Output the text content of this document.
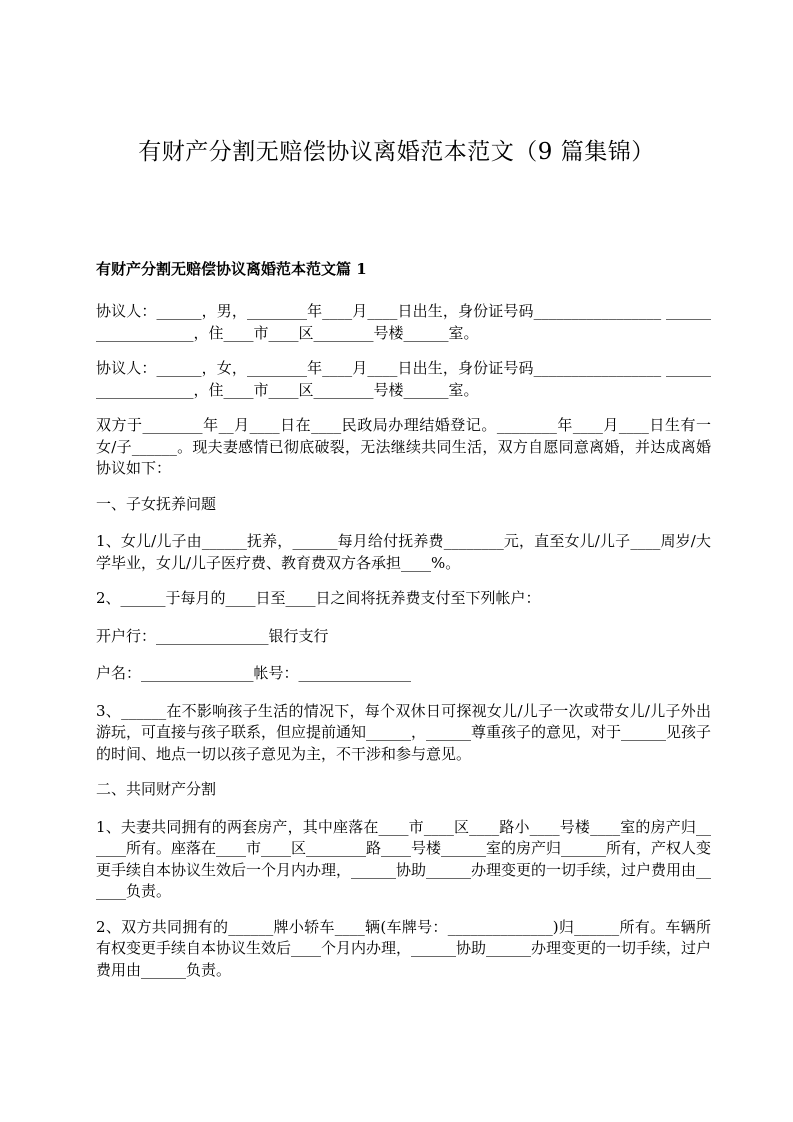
有财产分割无赔偿协议离婚范本范文（9 篇集锦）
有财产分割无赔偿协议离婚范本范文篇 1

协议人：______，男，________年____月____日出生，身份证号码_________________ ___________________，住____市____区________号楼______室。

协议人：______，女，________年____月____日出生，身份证号码_________________ ___________________，住____市____区________号楼______室。

双方于________年__月____日在____民政局办理结婚登记。________年____月____日生有一女/子______。现夫妻感情已彻底破裂，无法继续共同生活，双方自愿同意离婚，并达成离婚协议如下：

一、子女抚养问题

1、女儿/儿子由______抚养，______每月给付抚养费________元，直至女儿/儿子____周岁/大学毕业，女儿/儿子医疗费、教育费双方各承担____%。

2、______于每月的____日至____日之间将抚养费支付至下列帐户：

开户行：_______________银行支行

户名：_______________帐号：_______________

3、______在不影响孩子生活的情况下，每个双休日可探视女儿/儿子一次或带女儿/儿子外出游玩，可直接与孩子联系，但应提前通知______，______尊重孩子的意见，对于______见孩子的时间、地点一切以孩子意见为主，不干涉和参与意见。

二、共同财产分割

1、夫妻共同拥有的两套房产，其中座落在____市____区____路小____号楼____室的房产归______所有。座落在____市____区________路____号楼______室的房产归______所有，产权人变更手续自本协议生效后一个月内办理，______协助______办理变更的一切手续，过户费用由______负责。

2、双方共同拥有的______牌小轿车____辆(车牌号：______________)归______所有。车辆所有权变更手续自本协议生效后____个月内办理，______协助______办理变更的一切手续，过户费用由______负责。
